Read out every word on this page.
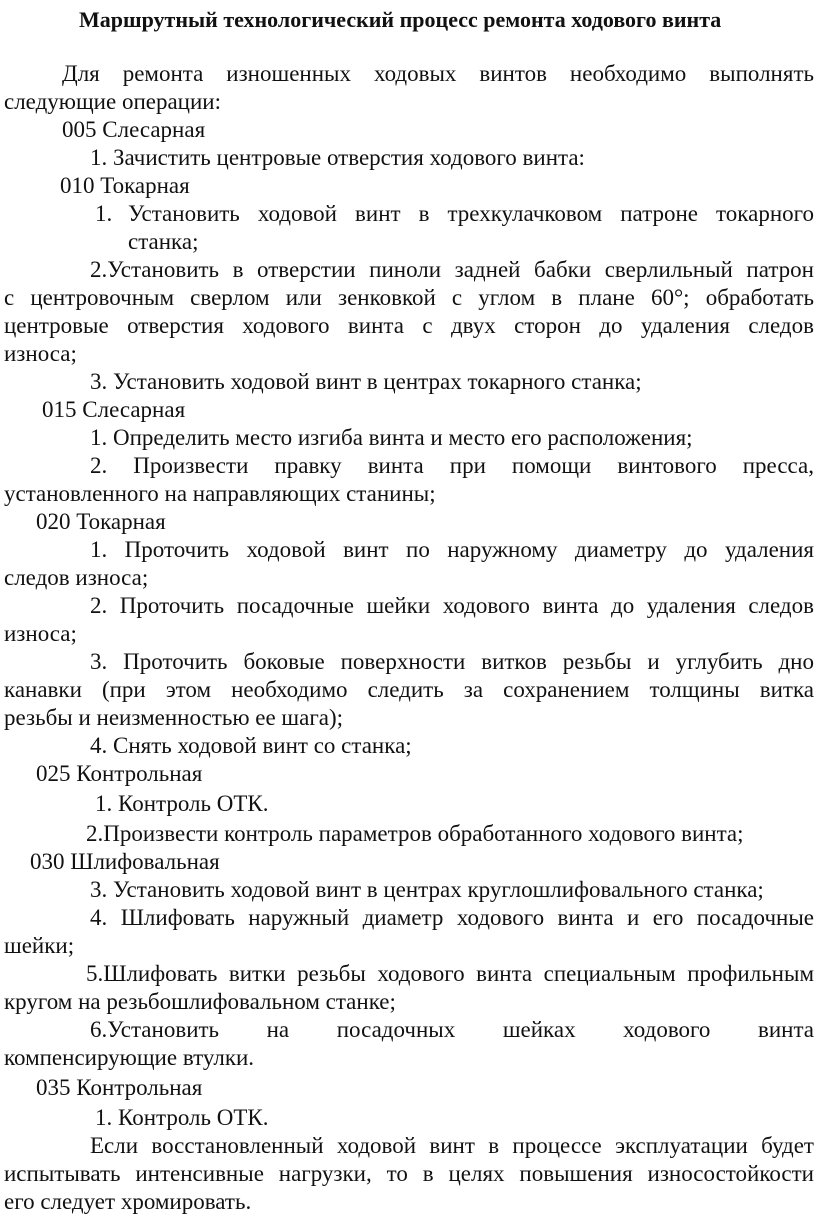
Маршрутный технологический процесс ремонта ходового винта
Для ремонта изношенных ходовых винтов необходимо выполнять
следующие операции:
005 Слесарная
1. Зачистить центровые отверстия ходового винта:
010 Токарная
1. Установить ходовой винт в трехкулачковом патроне токарного
станка;
2.Установить в отверстии пиноли задней бабки сверлильный патрон
с центровочным сверлом или зенковкой с углом в плане 60°; обработать
центровые отверстия ходового винта с двух сторон до удаления следов
износа;
3. Установить ходовой винт в центрах токарного станка;
015 Слесарная
1. Определить место изгиба винта и место его расположения;
2. Произвести правку винта при помощи винтового пресса,
установленного на направляющих станины;
020 Токарная
1. Проточить ходовой винт по наружному диаметру до удаления
следов износа;
2. Проточить посадочные шейки ходового винта до удаления следов
износа;
3. Проточить боковые поверхности витков резьбы и углубить дно
канавки (при этом необходимо следить за сохранением толщины витка
резьбы и неизменностью ее шага);
4. Снять ходовой винт со станка;
025 Контрольная
1. Контроль ОТК.
2.Произвести контроль параметров обработанного ходового винта;
030 Шлифовальная
3. Установить ходовой винт в центрах круглошлифовального станка;
4. Шлифовать наружный диаметр ходового винта и его посадочные
шейки;
5.Шлифовать витки резьбы ходового винта специальным профильным
кругом на резьбошлифовальном станке;
6.Установить на посадочных шейках ходового винта
компенсирующие втулки.
035 Контрольная
1. Контроль ОТК.
Если восстановленный ходовой винт в процессе эксплуатации будет
испытывать интенсивные нагрузки, то в целях повышения износостойкости
его следует хромировать.
